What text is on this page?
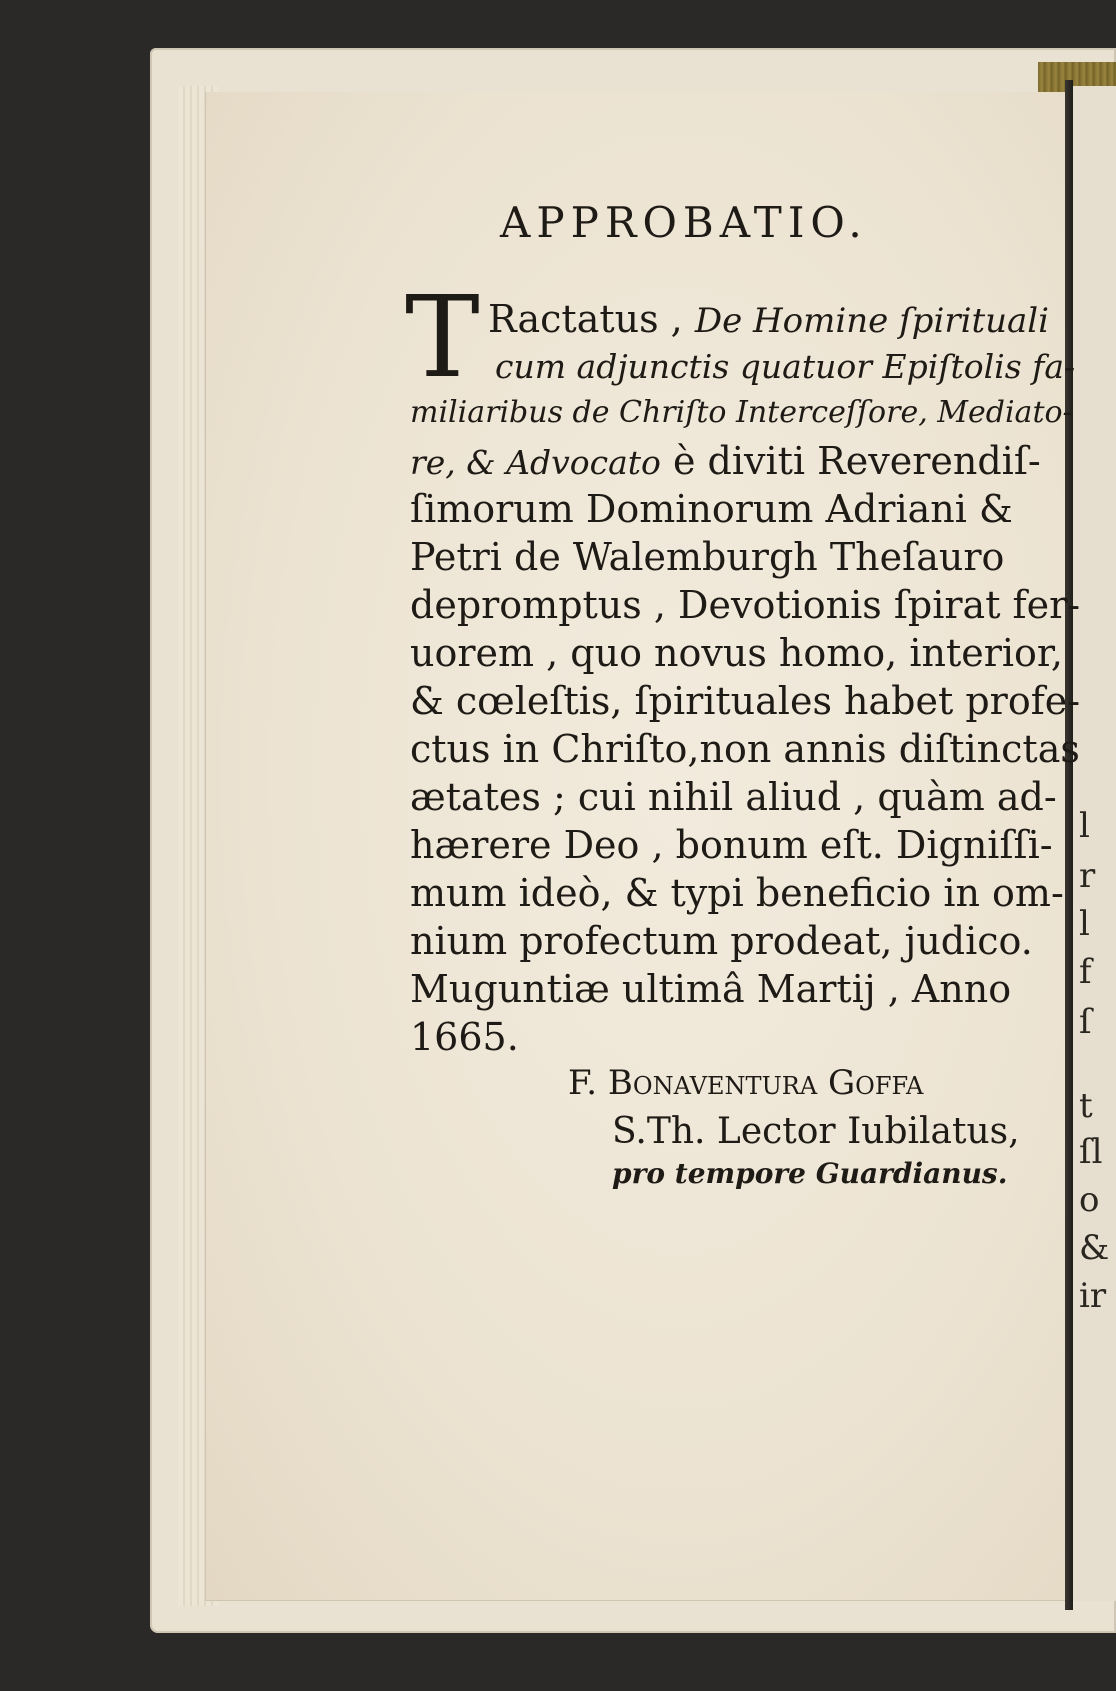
l
r
l
f
ſ
t
ſl
o
&
ir
APPROBATIO.
T Ractatus , De Homine ſpirituali
cum adjunctis quatuor Epiſtolis fa-
miliaribus de Chriſto Interceſſore, Mediato-
re, & Advocato è diviti Reverendiſ-
ſimorum Dominorum Adriani &
Petri de Walemburgh Theſauro
depromptus , Devotionis ſpirat fer-
uorem , quo novus homo, interior,
& cœleſtis, ſpirituales habet profe-
ctus in Chriſto,non annis diſtinctas
ætates ; cui nihil aliud , quàm ad-
hærere Deo , bonum eſt. Digniſſi-
mum ideò, & typi beneficio in om-
nium profectum prodeat, judico.
Muguntiæ ultimâ Martij , Anno
1665.
F. Bonaventura Goffa
S.Th. Lector Iubilatus,
pro tempore Guardianus.
